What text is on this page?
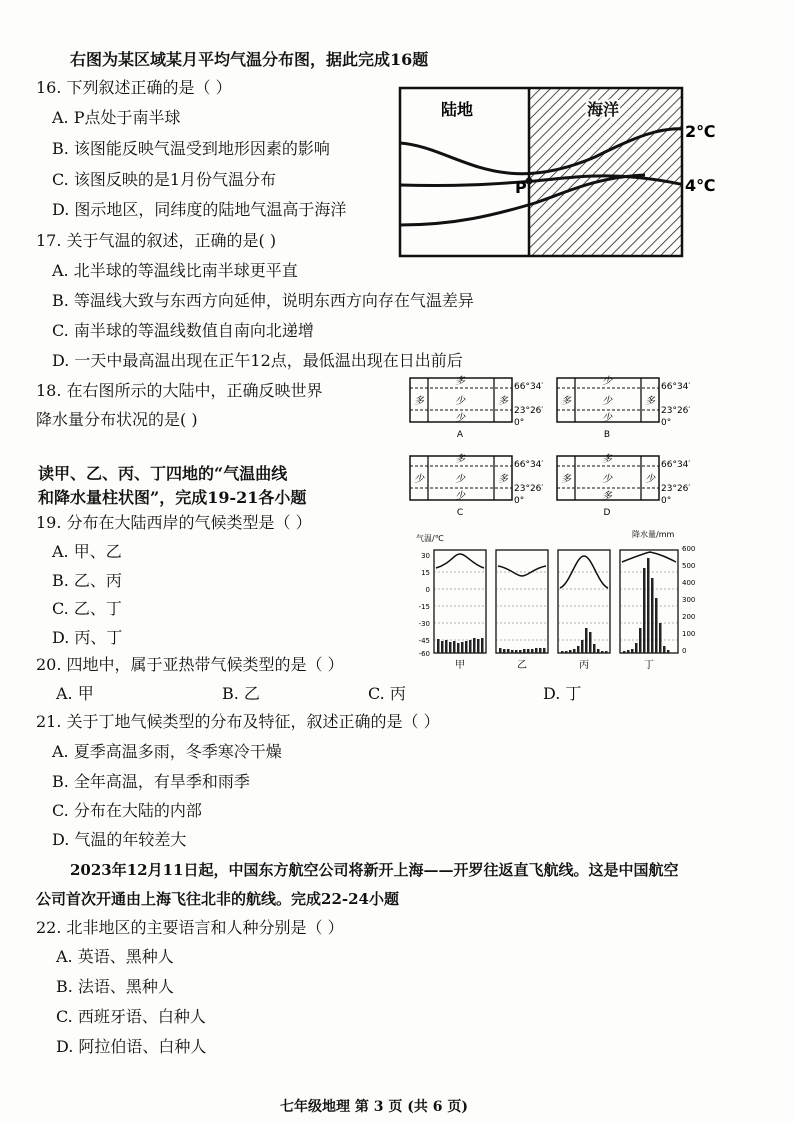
右图为某区域某月平均气温分布图，据此完成16题
16. 下列叙述正确的是（ ）
A. P点处于南半球
B. 该图能反映气温受到地形因素的影响
C. 该图反映的是1月份气温分布
D. 图示地区，同纬度的陆地气温高于海洋
陆地	海洋
P
2℃
4℃
17. 关于气温的叙述，正确的是( )
A. 北半球的等温线比南半球更平直
B. 等温线大致与东西方向延伸，说明东西方向存在气温差异
C. 南半球的等温线数值自南向北递增
D. 一天中最高温出现在正午12点，最低温出现在日出前后
18. 在右图所示的大陆中，正确反映世界
降水量分布状况的是( )
多
多	少	多
少
66°34′
23°26′
0°
A
少
多	少	多
少
66°34′
23°26′
0°
B
多
少	少	多
少
66°34′
23°26′
0°
C
多
多	少	少
多
66°34′
23°26′
0°
D
读甲、乙、丙、丁四地的“气温曲线
和降水量柱状图”，完成19-21各小题
19. 分布在大陆西岸的气候类型是（ ）
A. 甲、乙
B. 乙、丙
C. 乙、丁
D. 丙、丁
气温/℃	降水量/mm
30
15
0
-15
-30
-45
-60
600
500
400
300
200
100
0
甲	乙	丙	丁
20. 四地中，属于亚热带气候类型的是（ ）
A. 甲	B. 乙	C. 丙	D. 丁
21. 关于丁地气候类型的分布及特征，叙述正确的是（ ）
A. 夏季高温多雨，冬季寒冷干燥
B. 全年高温，有旱季和雨季
C. 分布在大陆的内部
D. 气温的年较差大
2023年12月11日起，中国东方航空公司将新开上海——开罗往返直飞航线。这是中国航空
公司首次开通由上海飞往北非的航线。完成22-24小题
22. 北非地区的主要语言和人种分别是（ ）
A. 英语、黑种人
B. 法语、黑种人
C. 西班牙语、白种人
D. 阿拉伯语、白种人
七年级地理 第 3 页 (共 6 页)
